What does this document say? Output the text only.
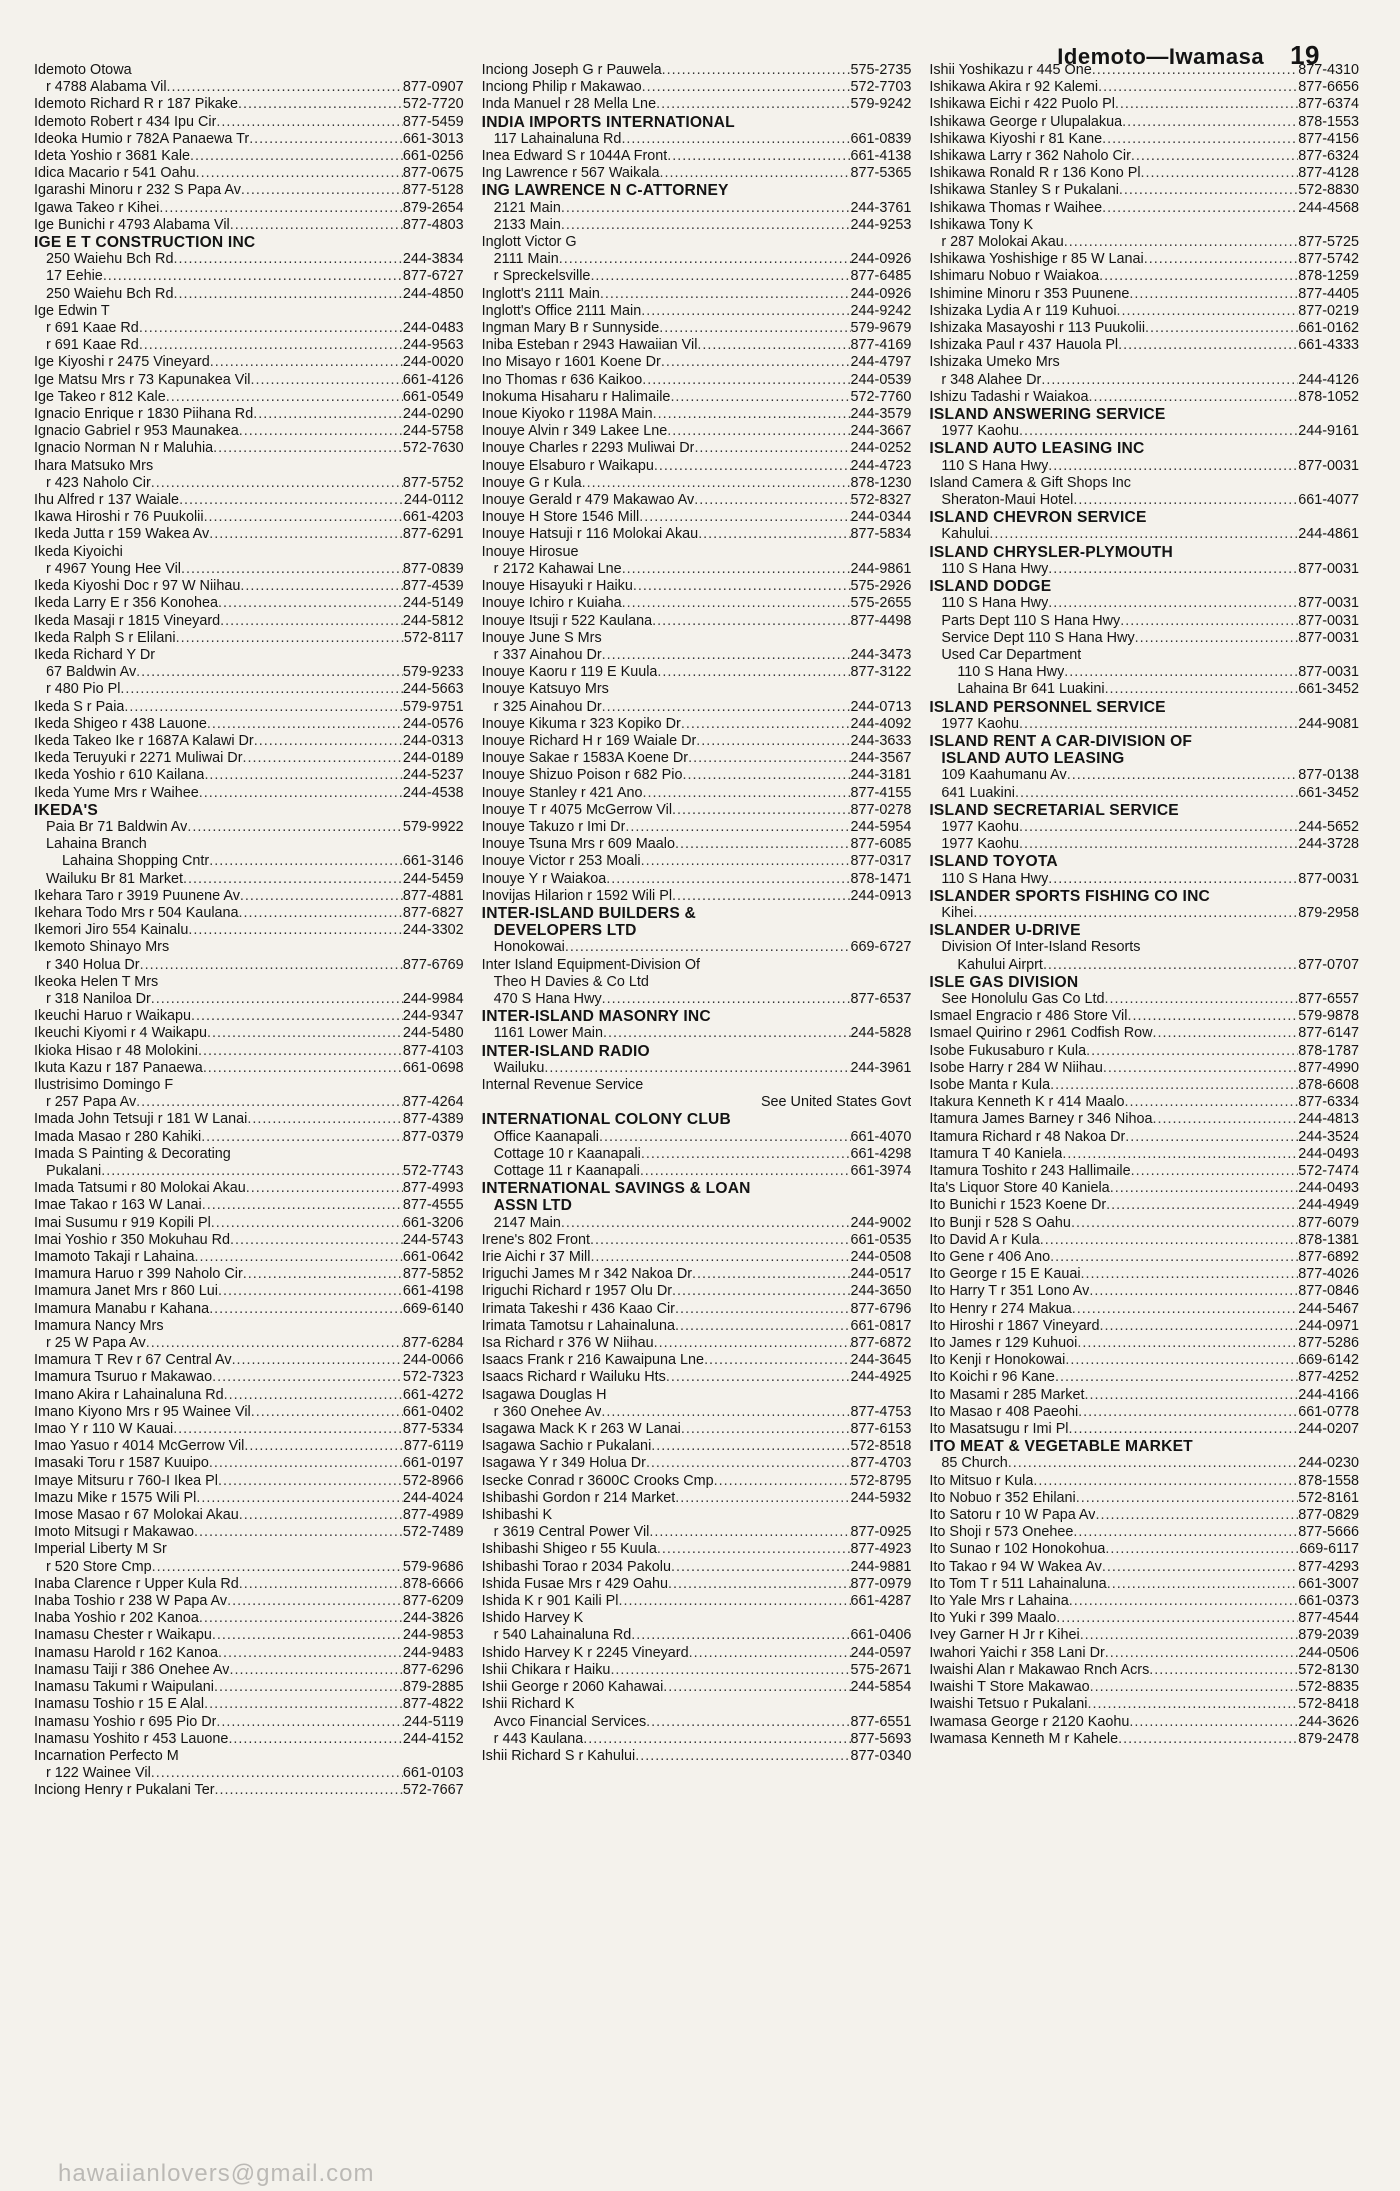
Idemoto—Iwamasa 19
Idemoto Otowa
r 4788 Alabama Vil .....	877-0907
Idemoto Richard R r 187 Pikake .....	572-7720
Idemoto Robert r 434 Ipu Cir .....	877-5459
Ideoka Humio r 782A Panaewa Tr .....	661-3013
Ideta Yoshio r 3681 Kale .....	661-0256
Idica Macario r 541 Oahu .....	877-0675
Igarashi Minoru r 232 S Papa Av .....	877-5128
Igawa Takeo r Kihei .....	879-2654
Ige Bunichi r 4793 Alabama Vil .....	877-4803
IGE E T CONSTRUCTION INC
250 Waiehu Bch Rd .....	244-3834
17 Eehie .....	877-6727
250 Waiehu Bch Rd .....	244-4850
Ige Edwin T
r 691 Kaae Rd .....	244-0483
r 691 Kaae Rd .....	244-9563
Ige Kiyoshi r 2475 Vineyard .....	244-0020
Ige Matsu Mrs r 73 Kapunakea Vil .....	661-4126
Ige Takeo r 812 Kale .....	661-0549
Ignacio Enrique r 1830 Piihana Rd .....	244-0290
Ignacio Gabriel r 953 Maunakea .....	244-5758
Ignacio Norman N r Maluhia .....	572-7630
Ihara Matsuko Mrs
r 423 Naholo Cir .....	877-5752
Ihu Alfred r 137 Waiale .....	244-0112
Ikawa Hiroshi r 76 Puukolii .....	661-4203
Ikeda Jutta r 159 Wakea Av .....	877-6291
Ikeda Kiyoichi
r 4967 Young Hee Vil .....	877-0839
Ikeda Kiyoshi Doc r 97 W Niihau .....	877-4539
Ikeda Larry E r 356 Konohea .....	244-5149
Ikeda Masaji r 1815 Vineyard .....	244-5812
Ikeda Ralph S r Elilani .....	572-8117
Ikeda Richard Y Dr
67 Baldwin Av .....	579-9233
r 480 Pio Pl .....	244-5663
Ikeda S r Paia .....	579-9751
Ikeda Shigeo r 438 Lauone .....	244-0576
Ikeda Takeo Ike r 1687A Kalawi Dr .....	244-0313
Ikeda Teruyuki r 2271 Muliwai Dr .....	244-0189
Ikeda Yoshio r 610 Kailana .....	244-5237
Ikeda Yume Mrs r Waihee .....	244-4538
IKEDA'S
Paia Br 71 Baldwin Av .....	579-9922
Lahaina Branch
Lahaina Shopping Cntr .....	661-3146
Wailuku Br 81 Market .....	244-5459
Ikehara Taro r 3919 Puunene Av .....	877-4881
Ikehara Todo Mrs r 504 Kaulana .....	877-6827
Ikemori Jiro 554 Kainalu .....	244-3302
Ikemoto Shinayo Mrs
r 340 Holua Dr .....	877-6769
Ikeoka Helen T Mrs
r 318 Naniloa Dr .....	244-9984
Ikeuchi Haruo r Waikapu .....	244-9347
Ikeuchi Kiyomi r 4 Waikapu .....	244-5480
Ikioka Hisao r 48 Molokini .....	877-4103
Ikuta Kazu r 187 Panaewa .....	661-0698
Ilustrisimo Domingo F
r 257 Papa Av .....	877-4264
Imada John Tetsuji r 181 W Lanai .....	877-4389
Imada Masao r 280 Kahiki .....	877-0379
Imada S Painting & Decorating
Pukalani .....	572-7743
Imada Tatsumi r 80 Molokai Akau .....	877-4993
Imae Takao r 163 W Lanai .....	877-4555
Imai Susumu r 919 Kopili Pl .....	661-3206
Imai Yoshio r 350 Mokuhau Rd .....	244-5743
Imamoto Takaji r Lahaina .....	661-0642
Imamura Haruo r 399 Naholo Cir .....	877-5852
Imamura Janet Mrs r 860 Lui .....	661-4198
Imamura Manabu r Kahana .....	669-6140
Imamura Nancy Mrs
r 25 W Papa Av .....	877-6284
Imamura T Rev r 67 Central Av .....	244-0066
Imamura Tsuruo r Makawao .....	572-7323
Imano Akira r Lahainaluna Rd .....	661-4272
Imano Kiyono Mrs r 95 Wainee Vil .....	661-0402
Imao Y r 110 W Kauai .....	877-5334
Imao Yasuo r 4014 McGerrow Vil .....	877-6119
Imasaki Toru r 1587 Kuuipo .....	661-0197
Imaye Mitsuru r 760-I Ikea Pl .....	572-8966
Imazu Mike r 1575 Wili Pl .....	244-4024
Imose Masao r 67 Molokai Akau .....	877-4989
Imoto Mitsugi r Makawao .....	572-7489
Imperial Liberty M Sr
r 520 Store Cmp .....	579-9686
Inaba Clarence r Upper Kula Rd .....	878-6666
Inaba Toshio r 238 W Papa Av .....	877-6209
Inaba Yoshio r 202 Kanoa .....	244-3826
Inamasu Chester r Waikapu .....	244-9853
Inamasu Harold r 162 Kanoa .....	244-9483
Inamasu Taiji r 386 Onehee Av .....	877-6296
Inamasu Takumi r Waipulani .....	879-2885
Inamasu Toshio r 15 E Alal .....	877-4822
Inamasu Yoshio r 695 Pio Dr .....	244-5119
Inamasu Yoshito r 453 Lauone .....	244-4152
Incarnation Perfecto M
r 122 Wainee Vil .....	661-0103
Inciong Henry r Pukalani Ter .....	572-7667
Inciong Joseph G r Pauwela .....	575-2735
Inciong Philip r Makawao .....	572-7703
Inda Manuel r 28 Mella Lne .....	579-9242
INDIA IMPORTS INTERNATIONAL
117 Lahainaluna Rd .....	661-0839
Inea Edward S r 1044A Front .....	661-4138
Ing Lawrence r 567 Waikala .....	877-5365
ING LAWRENCE N C-ATTORNEY
2121 Main .....	244-3761
2133 Main .....	244-9253
Inglott Victor G
2111 Main .....	244-0926
r Spreckelsville .....	877-6485
Inglott's 2111 Main .....	244-0926
Inglott's Office 2111 Main .....	244-9242
Ingman Mary B r Sunnyside .....	579-9679
Iniba Esteban r 2943 Hawaiian Vil .....	877-4169
Ino Misayo r 1601 Koene Dr .....	244-4797
Ino Thomas r 636 Kaikoo .....	244-0539
Inokuma Hisaharu r Halimaile .....	572-7760
Inoue Kiyoko r 1198A Main .....	244-3579
Inouye Alvin r 349 Lakee Lne .....	244-3667
Inouye Charles r 2293 Muliwai Dr .....	244-0252
Inouye Elsaburo r Waikapu .....	244-4723
Inouye G r Kula .....	878-1230
Inouye Gerald r 479 Makawao Av .....	572-8327
Inouye H Store 1546 Mill .....	244-0344
Inouye Hatsuji r 116 Molokai Akau .....	877-5834
Inouye Hirosue
r 2172 Kahawai Lne .....	244-9861
Inouye Hisayuki r Haiku .....	575-2926
Inouye Ichiro r Kuiaha .....	575-2655
Inouye Itsuji r 522 Kaulana .....	877-4498
Inouye June S Mrs
r 337 Ainahou Dr .....	244-3473
Inouye Kaoru r 119 E Kuula .....	877-3122
Inouye Katsuyo Mrs
r 325 Ainahou Dr .....	244-0713
Inouye Kikuma r 323 Kopiko Dr .....	244-4092
Inouye Richard H r 169 Waiale Dr .....	244-3633
Inouye Sakae r 1583A Koene Dr .....	244-3567
Inouye Shizuo Poison r 682 Pio .....	244-3181
Inouye Stanley r 421 Ano .....	877-4155
Inouye T r 4075 McGerrow Vil .....	877-0278
Inouye Takuzo r Imi Dr .....	244-5954
Inouye Tsuna Mrs r 609 Maalo .....	877-6085
Inouye Victor r 253 Moali .....	877-0317
Inouye Y r Waiakoa .....	878-1471
Inovijas Hilarion r 1592 Wili Pl .....	244-0913
INTER-ISLAND BUILDERS &
DEVELOPERS LTD
Honokowai .....	669-6727
Inter Island Equipment-Division Of
Theo H Davies & Co Ltd
470 S Hana Hwy .....	877-6537
INTER-ISLAND MASONRY INC
1161 Lower Main .....	244-5828
INTER-ISLAND RADIO
Wailuku .....	244-3961
Internal Revenue Service
See United States Govt
INTERNATIONAL COLONY CLUB
Office Kaanapali .....	661-4070
Cottage 10 r Kaanapali .....	661-4298
Cottage 11 r Kaanapali .....	661-3974
INTERNATIONAL SAVINGS & LOAN
ASSN LTD
2147 Main .....	244-9002
Irene's 802 Front .....	661-0535
Irie Aichi r 37 Mill .....	244-0508
Iriguchi James M r 342 Nakoa Dr .....	244-0517
Iriguchi Richard r 1957 Olu Dr .....	244-3650
Irimata Takeshi r 436 Kaao Cir .....	877-6796
Irimata Tamotsu r Lahainaluna .....	661-0817
Isa Richard r 376 W Niihau .....	877-6872
Isaacs Frank r 216 Kawaipuna Lne .....	244-3645
Isaacs Richard r Wailuku Hts .....	244-4925
Isagawa Douglas H
r 360 Onehee Av .....	877-4753
Isagawa Mack K r 263 W Lanai .....	877-6153
Isagawa Sachio r Pukalani .....	572-8518
Isagawa Y r 349 Holua Dr .....	877-4703
Isecke Conrad r 3600C Crooks Cmp .....	572-8795
Ishibashi Gordon r 214 Market .....	244-5932
Ishibashi K
r 3619 Central Power Vil .....	877-0925
Ishibashi Shigeo r 55 Kuula .....	877-4923
Ishibashi Torao r 2034 Pakolu .....	244-9881
Ishida Fusae Mrs r 429 Oahu .....	877-0979
Ishida K r 901 Kaili Pl .....	661-4287
Ishido Harvey K
r 540 Lahainaluna Rd .....	661-0406
Ishido Harvey K r 2245 Vineyard .....	244-0597
Ishii Chikara r Haiku .....	575-2671
Ishii George r 2060 Kahawai .....	244-5854
Ishii Richard K
Avco Financial Services .....	877-6551
r 443 Kaulana .....	877-5693
Ishii Richard S r Kahului .....	877-0340
Ishii Yoshikazu r 445 One .....	877-4310
Ishikawa Akira r 92 Kalemi .....	877-6656
Ishikawa Eichi r 422 Puolo Pl .....	877-6374
Ishikawa George r Ulupalakua .....	878-1553
Ishikawa Kiyoshi r 81 Kane .....	877-4156
Ishikawa Larry r 362 Naholo Cir .....	877-6324
Ishikawa Ronald R r 136 Kono Pl .....	877-4128
Ishikawa Stanley S r Pukalani .....	572-8830
Ishikawa Thomas r Waihee .....	244-4568
Ishikawa Tony K
r 287 Molokai Akau .....	877-5725
Ishikawa Yoshishige r 85 W Lanai .....	877-5742
Ishimaru Nobuo r Waiakoa .....	878-1259
Ishimine Minoru r 353 Puunene .....	877-4405
Ishizaka Lydia A r 119 Kuhuoi .....	877-0219
Ishizaka Masayoshi r 113 Puukolii .....	661-0162
Ishizaka Paul r 437 Hauola Pl .....	661-4333
Ishizaka Umeko Mrs
r 348 Alahee Dr .....	244-4126
Ishizu Tadashi r Waiakoa .....	878-1052
ISLAND ANSWERING SERVICE
1977 Kaohu .....	244-9161
ISLAND AUTO LEASING INC
110 S Hana Hwy .....	877-0031
Island Camera & Gift Shops Inc
Sheraton-Maui Hotel .....	661-4077
ISLAND CHEVRON SERVICE
Kahului .....	244-4861
ISLAND CHRYSLER-PLYMOUTH
110 S Hana Hwy .....	877-0031
ISLAND DODGE
110 S Hana Hwy .....	877-0031
Parts Dept 110 S Hana Hwy .....	877-0031
Service Dept 110 S Hana Hwy .....	877-0031
Used Car Department
110 S Hana Hwy .....	877-0031
Lahaina Br 641 Luakini .....	661-3452
ISLAND PERSONNEL SERVICE
1977 Kaohu .....	244-9081
ISLAND RENT A CAR-DIVISION OF
ISLAND AUTO LEASING
109 Kaahumanu Av .....	877-0138
641 Luakini .....	661-3452
ISLAND SECRETARIAL SERVICE
1977 Kaohu .....	244-5652
1977 Kaohu .....	244-3728
ISLAND TOYOTA
110 S Hana Hwy .....	877-0031
ISLANDER SPORTS FISHING CO INC
Kihei .....	879-2958
ISLANDER U-DRIVE
Division Of Inter-Island Resorts
Kahului Airprt .....	877-0707
ISLE GAS DIVISION
See Honolulu Gas Co Ltd .....	877-6557
Ismael Engracio r 486 Store Vil .....	579-9878
Ismael Quirino r 2961 Codfish Row .....	877-6147
Isobe Fukusaburo r Kula .....	878-1787
Isobe Harry r 284 W Niihau .....	877-4990
Isobe Manta r Kula .....	878-6608
Itakura Kenneth K r 414 Maalo .....	877-6334
Itamura James Barney r 346 Nihoa .....	244-4813
Itamura Richard r 48 Nakoa Dr .....	244-3524
Itamura T 40 Kaniela .....	244-0493
Itamura Toshito r 243 Hallimaile .....	572-7474
Ita's Liquor Store 40 Kaniela .....	244-0493
Ito Bunichi r 1523 Koene Dr .....	244-4949
Ito Bunji r 528 S Oahu .....	877-6079
Ito David A r Kula .....	878-1381
Ito Gene r 406 Ano .....	877-6892
Ito George r 15 E Kauai .....	877-4026
Ito Harry T r 351 Lono Av .....	877-0846
Ito Henry r 274 Makua .....	244-5467
Ito Hiroshi r 1867 Vineyard .....	244-0971
Ito James r 129 Kuhuoi .....	877-5286
Ito Kenji r Honokowai .....	669-6142
Ito Koichi r 96 Kane .....	877-4252
Ito Masami r 285 Market .....	244-4166
Ito Masao r 408 Paeohi .....	661-0778
Ito Masatsugu r Imi Pl .....	244-0207
ITO MEAT & VEGETABLE MARKET
85 Church .....	244-0230
Ito Mitsuo r Kula .....	878-1558
Ito Nobuo r 352 Ehilani .....	572-8161
Ito Satoru r 10 W Papa Av .....	877-0829
Ito Shoji r 573 Onehee .....	877-5666
Ito Sunao r 102 Honokohua .....	669-6117
Ito Takao r 94 W Wakea Av .....	877-4293
Ito Tom T r 511 Lahainaluna .....	661-3007
Ito Yale Mrs r Lahaina .....	661-0373
Ito Yuki r 399 Maalo .....	877-4544
Ivey Garner H Jr r Kihei .....	879-2039
Iwahori Yaichi r 358 Lani Dr .....	244-0506
Iwaishi Alan r Makawao Rnch Acrs .....	572-8130
Iwaishi T Store Makawao .....	572-8835
Iwaishi Tetsuo r Pukalani .....	572-8418
Iwamasa George r 2120 Kaohu .....	244-3626
Iwamasa Kenneth M r Kahele .....	879-2478
hawaiianlovers@gmail.com
